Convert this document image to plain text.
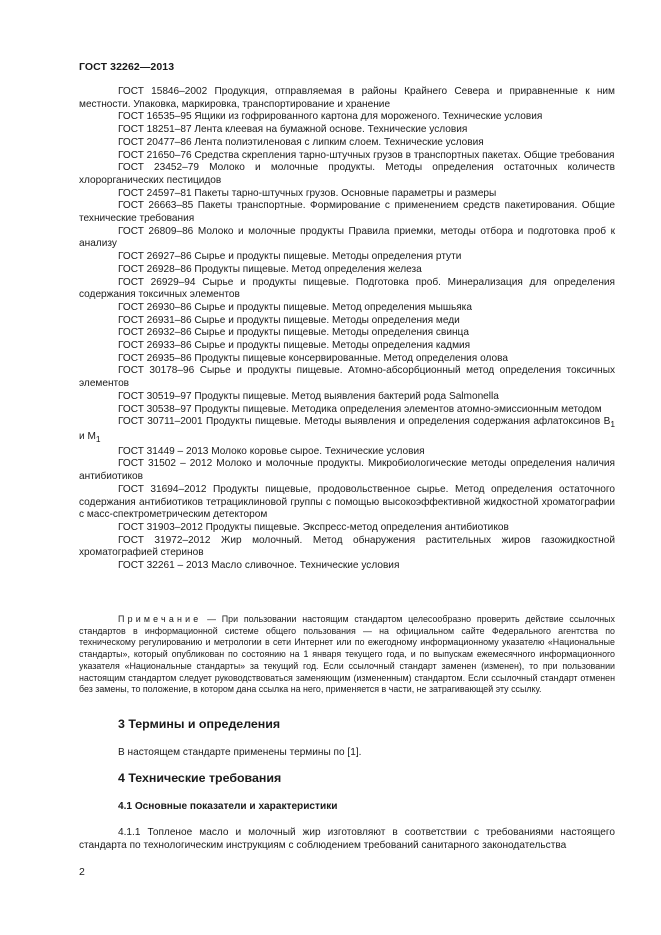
ГОСТ 32262—2013

ГОСТ 15846–2002 Продукция, отправляемая в районы Крайнего Севера и приравненные к ним местности. Упаковка, маркировка, транспортирование и хранение

ГОСТ 16535–95 Ящики из гофрированного картона для мороженого. Технические условия

ГОСТ 18251–87 Лента клеевая на бумажной основе. Технические условия

ГОСТ 20477–86 Лента полиэтиленовая с липким слоем. Технические условия

ГОСТ 21650–76 Средства скрепления тарно-штучных грузов в транспортных пакетах. Общие требования

ГОСТ 23452–79 Молоко и молочные продукты. Методы определения остаточных количеств хлорорганических пестицидов

ГОСТ 24597–81 Пакеты тарно-штучных грузов. Основные параметры и размеры

ГОСТ 26663–85 Пакеты транспортные. Формирование с применением средств пакетирования. Общие технические требования

ГОСТ 26809–86 Молоко и молочные продукты Правила приемки, методы отбора и подготовка проб к анализу

ГОСТ 26927–86 Сырье и продукты пищевые. Методы определения ртути

ГОСТ 26928–86 Продукты пищевые. Метод определения железа

ГОСТ 26929–94 Сырье и продукты пищевые. Подготовка проб. Минерализация для определения содержания токсичных элементов

ГОСТ 26930–86 Сырье и продукты пищевые. Метод определения мышьяка

ГОСТ 26931–86 Сырье и продукты пищевые. Методы определения меди

ГОСТ 26932–86 Сырье и продукты пищевые. Методы определения свинца

ГОСТ 26933–86 Сырье и продукты пищевые. Методы определения кадмия

ГОСТ 26935–86 Продукты пищевые консервированные. Метод определения олова

ГОСТ 30178–96 Сырье и продукты пищевые. Атомно-абсорбционный метод определения токсичных элементов

ГОСТ 30519–97 Продукты пищевые. Метод выявления бактерий рода Salmonella

ГОСТ 30538–97 Продукты пищевые. Методика определения элементов атомно-эмиссионным методом

ГОСТ 30711–2001 Продукты пищевые. Методы выявления и определения содержания афлатоксинов $B_1$ и $M_1$

ГОСТ 31449 – 2013 Молоко коровье сырое. Технические условия

ГОСТ 31502 – 2012 Молоко и молочные продукты. Микробиологические методы определения наличия антибиотиков

ГОСТ 31694–2012 Продукты пищевые, продовольственное сырье. Метод определения остаточного содержания антибиотиков тетрациклиновой группы с помощью высокоэффективной жидкостной хроматографии с масс-спектрометрическим детектором

ГОСТ 31903–2012 Продукты пищевые. Экспресс-метод определения антибиотиков

ГОСТ 31972–2012 Жир молочный. Метод обнаружения растительных жиров газожидкостной хроматографией стеринов

ГОСТ 32261 – 2013 Масло сливочное. Технические условия

Примечание — При пользовании настоящим стандартом целесообразно проверить действие ссылочных стандартов в информационной системе общего пользования — на официальном сайте Федерального агентства по техническому регулированию и метрологии в сети Интернет или по ежегодному информационному указателю «Национальные стандарты», который опубликован по состоянию на 1 января текущего года, и по выпускам ежемесячного информационного указателя «Национальные стандарты» за текущий год. Если ссылочный стандарт заменен (изменен), то при пользовании настоящим стандартом следует руководствоваться заменяющим (измененным) стандартом. Если ссылочный стандарт отменен без замены, то положение, в котором дана ссылка на него, применяется в части, не затрагивающей эту ссылку.

3 Термины и определения

В настоящем стандарте применены термины по [1].

4 Технические требования
4.1 Основные показатели и характеристики

4.1.1 Топленое масло и молочный жир изготовляют в соответствии с требованиями настоящего стандарта по технологическим инструкциям с соблюдением требований санитарного законодательства

2
